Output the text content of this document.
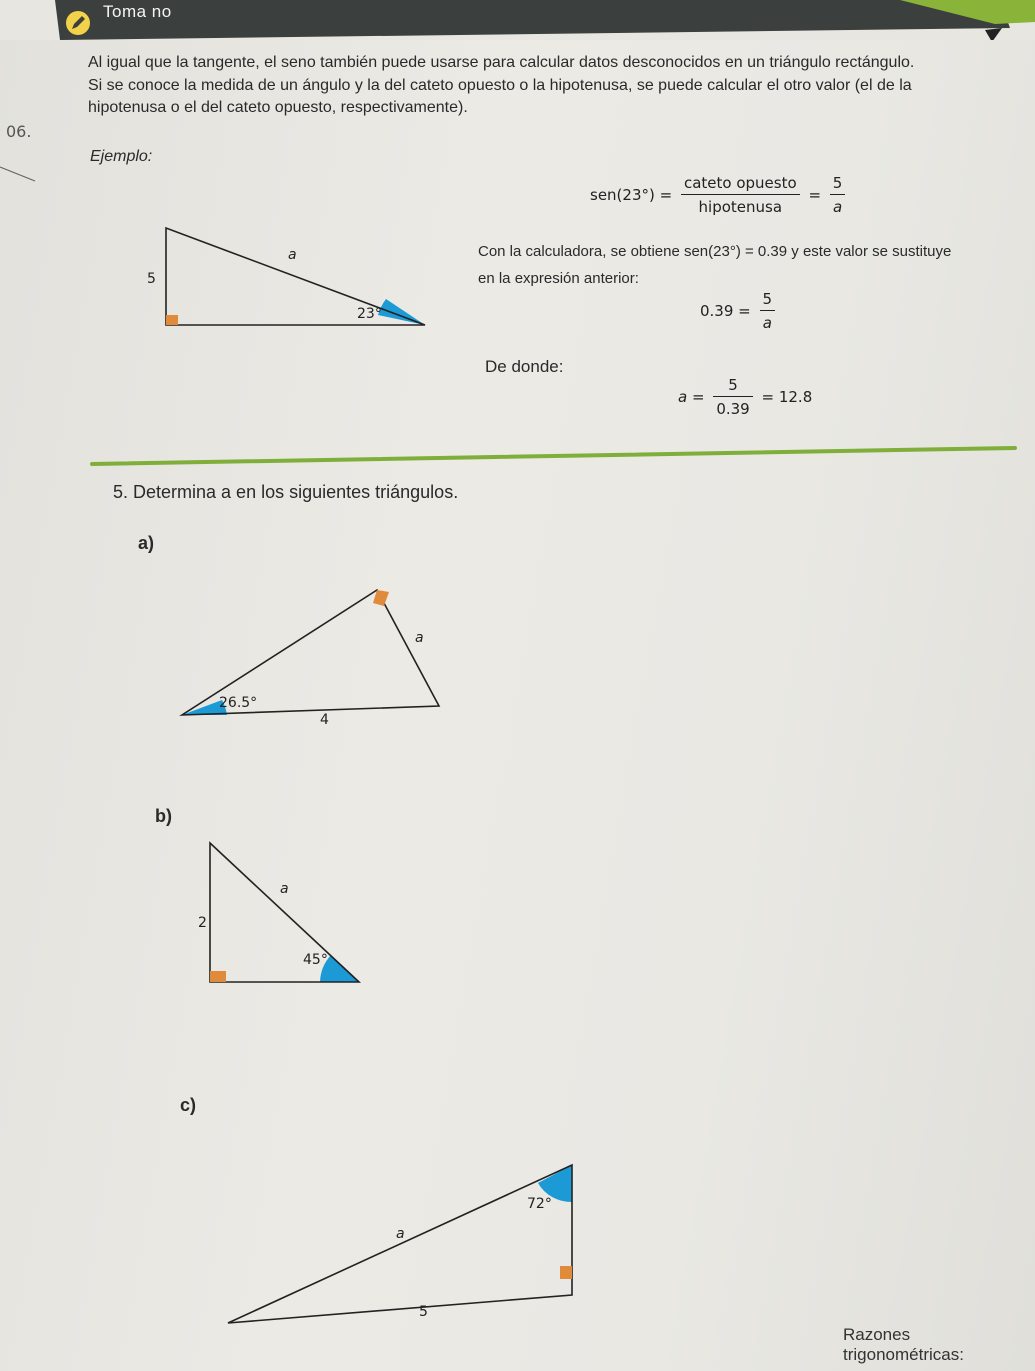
Toma no
Al igual que la tangente, el seno también puede usarse para calcular datos desconocidos en un triángulo rectángulo.
Si se conoce la medida de un ángulo y la del cateto opuesto o la hipotenusa, se puede calcular el otro valor (el de la
hipotenusa o el del cateto opuesto, respectivamente).
06.
Ejemplo:
$sen(23^\circ) = \frac{\text{cateto opuesto}}{\text{hipotenusa}} = \frac{5}{a}$
5
a
23°
Con la calculadora, se obtiene sen(23°) = 0.39 y este valor se sustituye
en la expresión anterior:
$0.39 = \frac{5}{a}$
De donde:
$a = \frac{5}{0.39} = 12.8$
5. Determina a en los siguientes triángulos.
a)
a
26.5°
4
b)
a
2
45°
c)
72°
a
5
Razones trigonométricas:
